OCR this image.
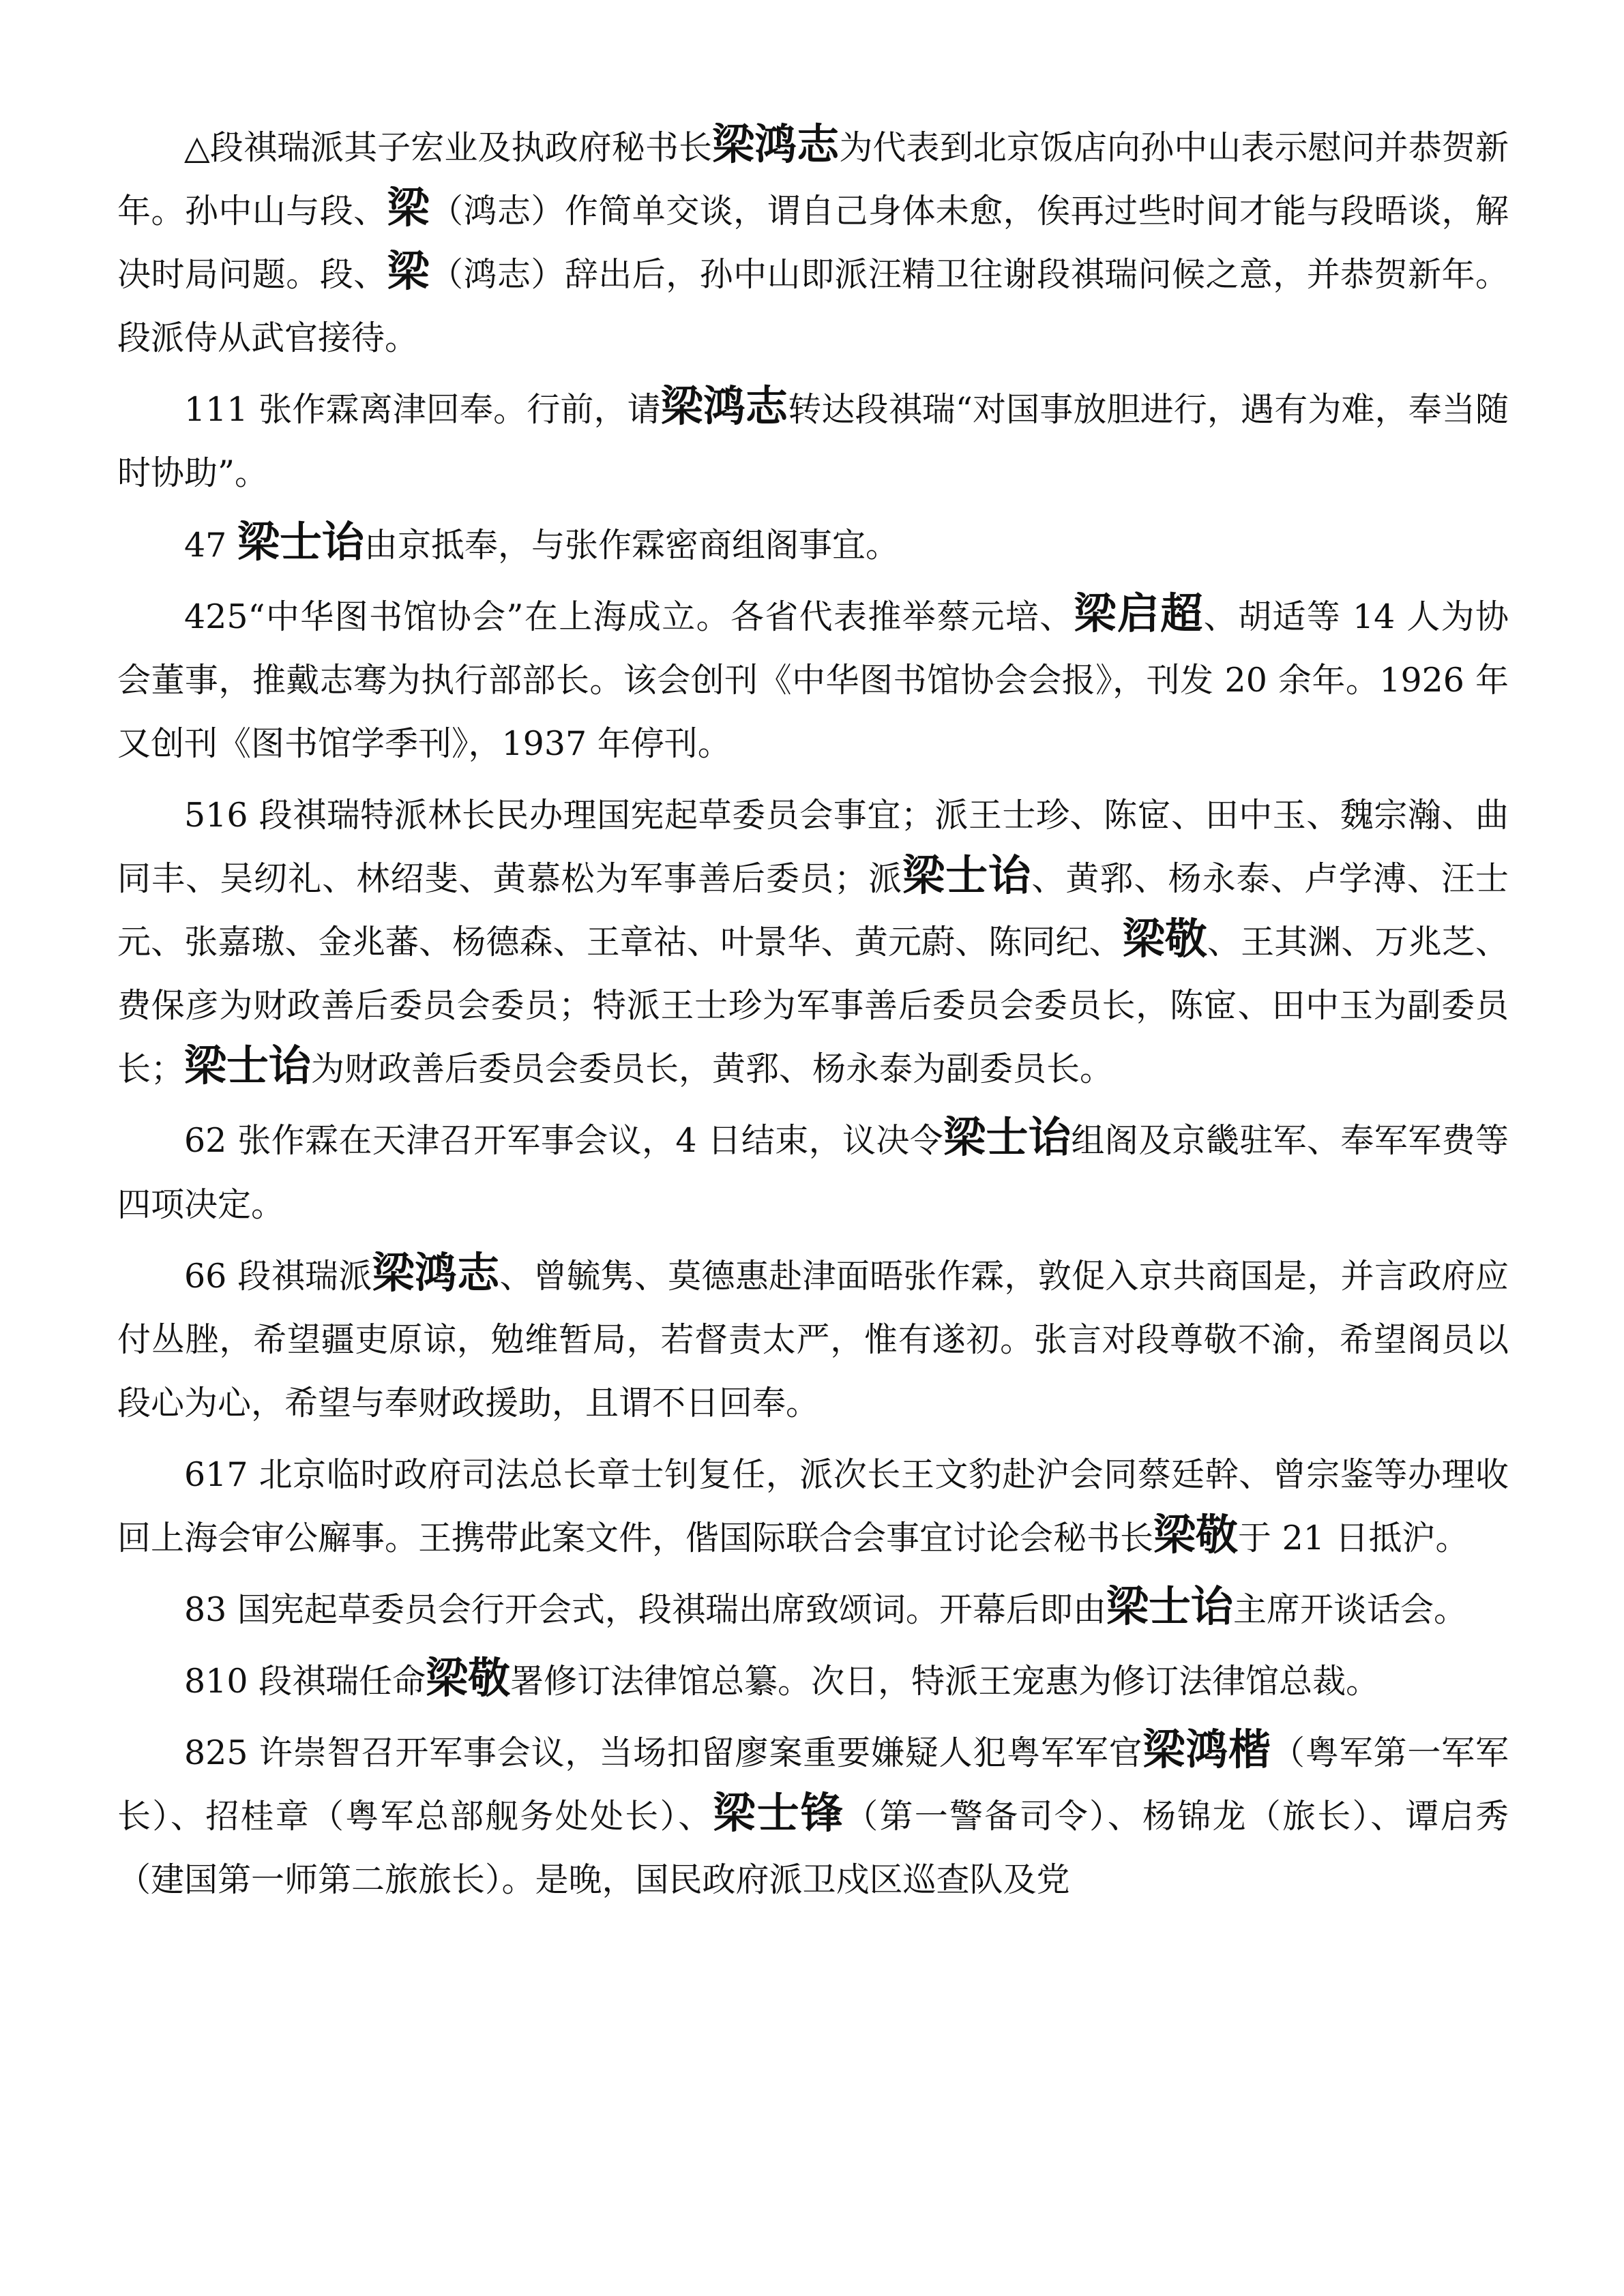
△段祺瑞派其子宏业及执政府秘书长梁鸿志为代表到北京饭店向孙中山表示慰问并恭贺新年。孙中山与段、梁（鸿志）作简单交谈，谓自己身体未愈，俟再过些时间才能与段晤谈，解决时局问题。段、梁（鸿志）辞出后，孙中山即派汪精卫往谢段祺瑞问候之意，并恭贺新年。段派侍从武官接待。

111 张作霖离津回奉。行前，请梁鸿志转达段祺瑞“对国事放胆进行，遇有为难，奉当随时协助”。

47 梁士诒由京抵奉，与张作霖密商组阁事宜。

425“中华图书馆协会”在上海成立。各省代表推举蔡元培、梁启超、胡适等 14 人为协会董事，推戴志骞为执行部部长。该会创刊《中华图书馆协会会报》，刊发 20 余年。1926 年又创刊《图书馆学季刊》，1937 年停刊。

516 段祺瑞特派林长民办理国宪起草委员会事宜；派王士珍、陈宧、田中玉、魏宗瀚、曲同丰、吴纫礼、林绍斐、黄慕松为军事善后委员；派梁士诒、黄郛、杨永泰、卢学溥、汪士元、张嘉璈、金兆蕃、杨德森、王章祜、叶景华、黄元蔚、陈同纪、梁敬、王其渊、万兆芝、费保彦为财政善后委员会委员；特派王士珍为军事善后委员会委员长，陈宧、田中玉为副委员长；梁士诒为财政善后委员会委员长，黄郛、杨永泰为副委员长。

62 张作霖在天津召开军事会议，4 日结束，议决令梁士诒组阁及京畿驻军、奉军军费等四项决定。

66 段祺瑞派梁鸿志、曾毓隽、莫德惠赴津面晤张作霖，敦促入京共商国是，并言政府应付丛脞，希望疆吏原谅，勉维暂局，若督责太严，惟有遂初。张言对段尊敬不渝，希望阁员以段心为心，希望与奉财政援助，且谓不日回奉。

617 北京临时政府司法总长章士钊复任，派次长王文豹赴沪会同蔡廷幹、曾宗鉴等办理收回上海会审公廨事。王携带此案文件，偕国际联合会事宜讨论会秘书长梁敬于 21 日抵沪。

83 国宪起草委员会行开会式，段祺瑞出席致颂词。开幕后即由梁士诒主席开谈话会。

810 段祺瑞任命梁敬署修订法律馆总纂。次日，特派王宠惠为修订法律馆总裁。

825 许崇智召开军事会议，当场扣留廖案重要嫌疑人犯粤军军官梁鸿楷（粤军第一军军长）、招桂章（粤军总部舰务处处长）、梁士锋（第一警备司令）、杨锦龙（旅长）、谭启秀（建国第一师第二旅旅长）。是晚，国民政府派卫戍区巡查队及党
